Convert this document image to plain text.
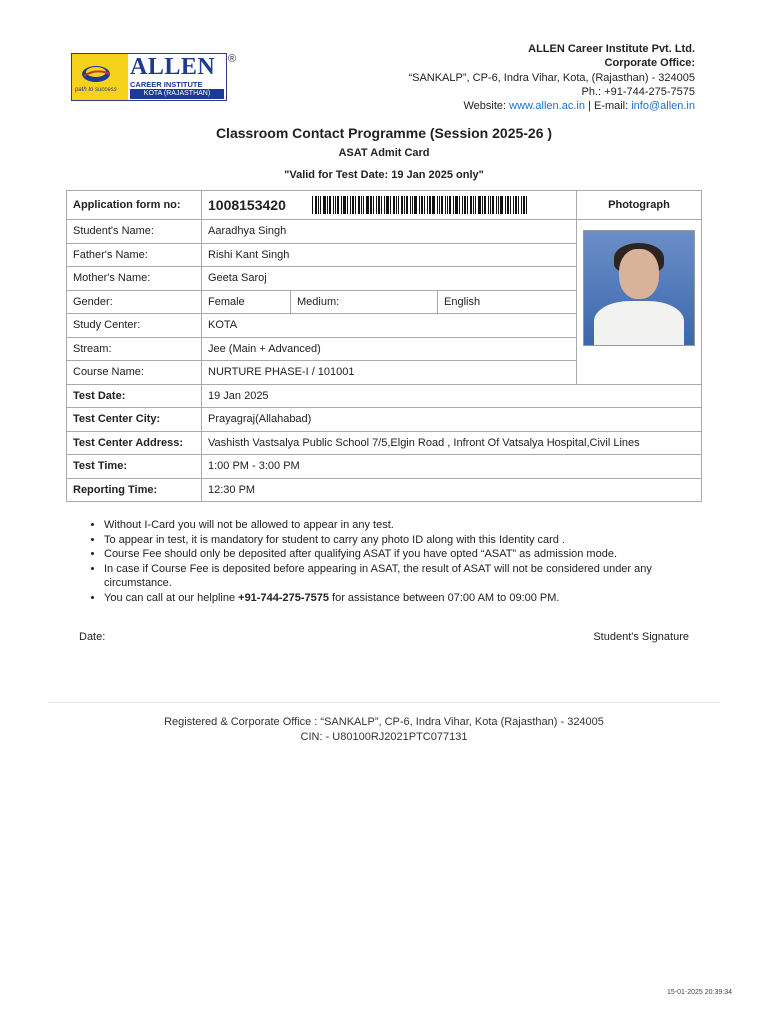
path to success
ALLEN
CAREER INSTITUTE
KOTA (RAJASTHAN)
®
ALLEN Career Institute Pvt. Ltd.
Corporate Office:
“SANKALP”, CP-6, Indra Vihar, Kota, (Rajasthan) - 324005
Ph.: +91-744-275-7575
Website: www.allen.ac.in | E-mail: info@allen.in
Classroom Contact Programme (Session 2025-26 )
ASAT Admit Card
"Valid for Test Date: 19 Jan 2025 only"
Application form no:	1008153420			Photograph
Student's Name:	Aaradhya Singh			

Father's Name:	Rishi Kant Singh			
Mother's Name:	Geeta Saroj			
Gender:	Female	Medium:	English	
Study Center:	KOTA			
Stream:	Jee (Main + Advanced)			
Course Name:	NURTURE PHASE-I / 101001			
Test Date:	19 Jan 2025			
Test Center City:	Prayagraj(Allahabad)			
Test Center Address:	Vashisth Vastsalya Public School 7/5,Elgin Road , Infront Of Vatsalya Hospital,Civil Lines			
Test Time:	1:00 PM - 3:00 PM			
Reporting Time:	12:30 PM			
• Without I-Card you will not be allowed to appear in any test.
• To appear in test, it is mandatory for student to carry any photo ID along with this Identity card .
• Course Fee should only be deposited after qualifying ASAT if you have opted “ASAT” as admission mode.
• In case if Course Fee is deposited before appearing in ASAT, the result of ASAT will not be considered under any circumstance.
• You can call at our helpline +91-744-275-7575 for assistance between 07:00 AM to 09:00 PM.
Date:	Student's Signature
Registered & Corporate Office : “SANKALP”, CP-6, Indra Vihar, Kota (Rajasthan) - 324005
CIN: - U80100RJ2021PTC077131
15-01-2025 20:39:34
